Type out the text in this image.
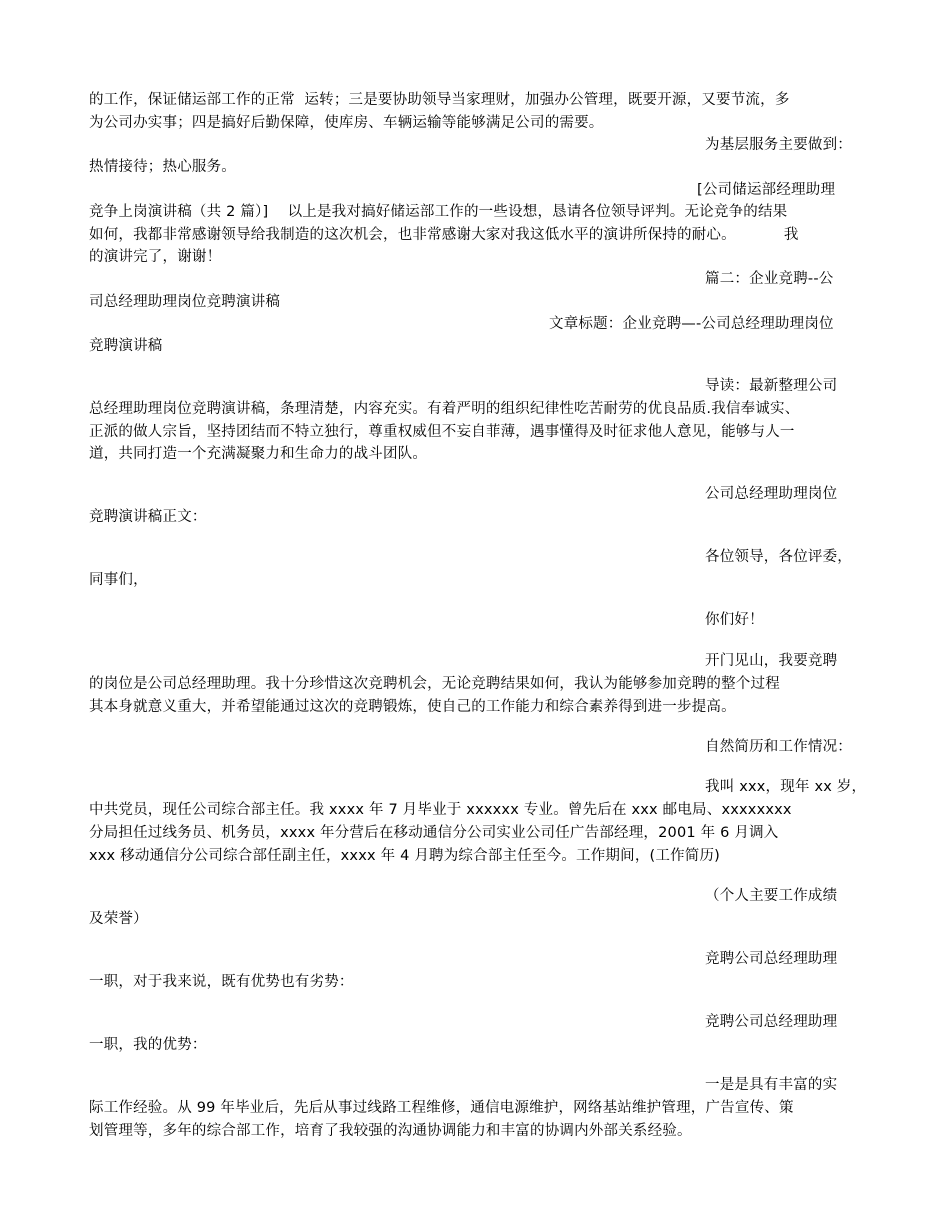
的工作，保证储运部工作的正常  运转；三是要协助领导当家理财，加强办公管理，既要开源，又要节流，多
为公司办实事；四是搞好后勤保障，使库房、车辆运输等能够满足公司的需要。
为基层服务主要做到：
热情接待；热心服务。
[公司储运部经理助理
竞争上岗演讲稿（共 2 篇）]    以上是我对搞好储运部工作的一些设想，恳请各位领导评判。无论竞争的结果
如何，我都非常感谢领导给我制造的这次机会，也非常感谢大家对我这低水平的演讲所保持的耐心。          我
的演讲完了，谢谢！
篇二：企业竞聘--公
司总经理助理岗位竞聘演讲稿
文章标题：企业竞聘—-公司总经理助理岗位
竞聘演讲稿
导读：最新整理公司
总经理助理岗位竞聘演讲稿，条理清楚，内容充实。有着严明的组织纪律性吃苦耐劳的优良品质.我信奉诚实、
正派的做人宗旨，坚持团结而不特立独行，尊重权威但不妄自菲薄，遇事懂得及时征求他人意见，能够与人一
道，共同打造一个充满凝聚力和生命力的战斗团队。
公司总经理助理岗位
竞聘演讲稿正文：
各位领导，各位评委，
同事们，
你们好！
开门见山，我要竞聘
的岗位是公司总经理助理。我十分珍惜这次竞聘机会，无论竞聘结果如何，我认为能够参加竞聘的整个过程
其本身就意义重大，并希望能通过这次的竞聘锻炼，使自己的工作能力和综合素养得到进一步提高。
自然简历和工作情况：
我叫 xxx，现年 xx 岁，
中共党员，现任公司综合部主任。我 xxxx 年 7 月毕业于 xxxxxx 专业。曾先后在 xxx 邮电局、xxxxxxxx
分局担任过线务员、机务员，xxxx 年分营后在移动通信分公司实业公司任广告部经理，2001 年 6 月调入
xxx 移动通信分公司综合部任副主任，xxxx 年 4 月聘为综合部主任至今。工作期间，(工作简历)
（个人主要工作成绩
及荣誉）
竞聘公司总经理助理
一职，对于我来说，既有优势也有劣势：
竞聘公司总经理助理
一职，我的优势：
一是是具有丰富的实
际工作经验。从 99 年毕业后，先后从事过线路工程维修，通信电源维护，网络基站维护管理，广告宣传、策
划管理等，多年的综合部工作，培育了我较强的沟通协调能力和丰富的协调内外部关系经验。
